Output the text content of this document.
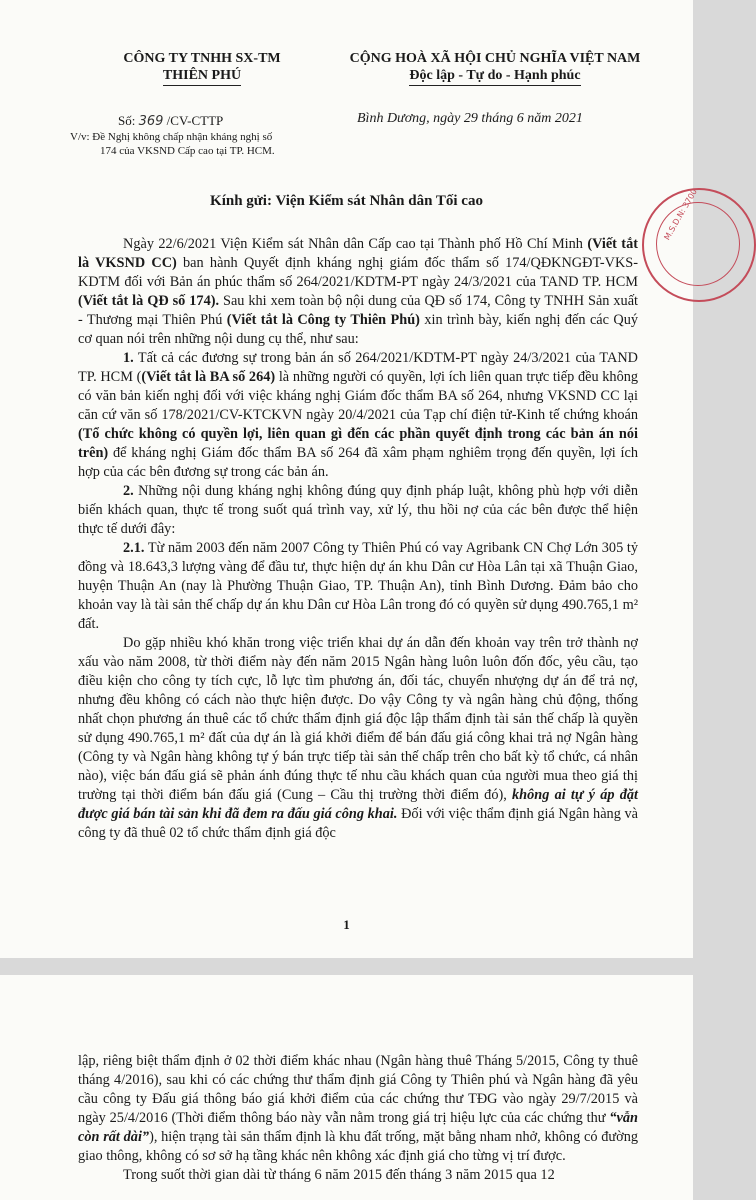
CÔNG TY TNHH SX-TM
THIÊN PHÚ
CỘNG HOÀ XÃ HỘI CHỦ NGHĨA VIỆT NAM
Độc lập - Tự do - Hạnh phúc
Số: 369 /CV-CTTP
V/v: Đề Nghị không chấp nhận kháng nghị số
174 của VKSND Cấp cao tại TP. HCM.
Bình Dương, ngày 29 tháng 6 năm 2021
Kính gửi: Viện Kiểm sát Nhân dân Tối cao	M.S.D.N: 3700

Ngày 22/6/2021 Viện Kiểm sát Nhân dân Cấp cao tại Thành phố Hồ Chí Minh (Viết tắt là VKSND CC) ban hành Quyết định kháng nghị giám đốc thẩm số 174/QĐKNGĐT-VKS-KDTM đối với Bản án phúc thẩm số 264/2021/KDTM-PT ngày 24/3/2021 của TAND TP. HCM (Viết tắt là QĐ số 174). Sau khi xem toàn bộ nội dung của QĐ số 174, Công ty TNHH Sản xuất - Thương mại Thiên Phú (Viết tắt là Công ty Thiên Phú) xin trình bày, kiến nghị đến các Quý cơ quan nói trên những nội dung cụ thể, như sau:

1. Tất cả các đương sự trong bản án số 264/2021/KDTM-PT ngày 24/3/2021 của TAND TP. HCM ((Viết tắt là BA số 264) là những người có quyền, lợi ích liên quan trực tiếp đều không có văn bản kiến nghị đối với việc kháng nghị Giám đốc thẩm BA số 264, nhưng VKSND CC lại căn cứ văn số 178/2021/CV-KTCKVN ngày 20/4/2021 của Tạp chí điện tử-Kinh tế chứng khoán (Tổ chức không có quyền lợi, liên quan gì đến các phần quyết định trong các bản án nói trên) để kháng nghị Giám đốc thẩm BA số 264 đã xâm phạm nghiêm trọng đến quyền, lợi ích hợp của các bên đương sự trong các bản án.

2. Những nội dung kháng nghị không đúng quy định pháp luật, không phù hợp với diễn biến khách quan, thực tế trong suốt quá trình vay, xử lý, thu hồi nợ của các bên được thể hiện thực tế dưới đây:

2.1. Từ năm 2003 đến năm 2007 Công ty Thiên Phú có vay Agribank CN Chợ Lớn 305 tỷ đồng và 18.643,3 lượng vàng để đầu tư, thực hiện dự án khu Dân cư Hòa Lân tại xã Thuận Giao, huyện Thuận An (nay là Phường Thuận Giao, TP. Thuận An), tỉnh Bình Dương. Đảm bảo cho khoản vay là tài sản thế chấp dự án khu Dân cư Hòa Lân trong đó có quyền sử dụng 490.765,1 m² đất.

Do gặp nhiều khó khăn trong việc triển khai dự án dẫn đến khoản vay trên trở thành nợ xấu vào năm 2008, từ thời điểm này đến năm 2015 Ngân hàng luôn luôn đốn đốc, yêu cầu, tạo điều kiện cho công ty tích cực, lỗ lực tìm phương án, đối tác, chuyển nhượng dự án để trả nợ, nhưng đều không có cách nào thực hiện được. Do vậy Công ty và ngân hàng chủ động, thống nhất chọn phương án thuê các tổ chức thẩm định giá độc lập thẩm định tài sản thế chấp là quyền sử dụng 490.765,1 m² đất của dự án là giá khởi điểm để bán đấu giá công khai trả nợ Ngân hàng (Công ty và Ngân hàng không tự ý bán trực tiếp tài sản thế chấp trên cho bất kỳ tổ chức, cá nhân nào), việc bán đấu giá sẽ phản ánh đúng thực tế nhu cầu khách quan của người mua theo giá thị trường tại thời điểm bán đấu giá (Cung – Cầu thị trường thời điểm đó), không ai tự ý áp đặt được giá bán tài sản khi đã đem ra đấu giá công khai. Đối với việc thẩm định giá Ngân hàng và công ty đã thuê 02 tổ chức thẩm định giá độc

1

lập, riêng biệt thẩm định ở 02 thời điểm khác nhau (Ngân hàng thuê Tháng 5/2015, Công ty thuê tháng 4/2016), sau khi có các chứng thư thẩm định giá Công ty Thiên phú và Ngân hàng đã yêu cầu công ty Đấu giá thông báo giá khởi điểm của các chứng thư TĐG vào ngày 29/7/2015 và ngày 25/4/2016 (Thời điểm thông báo này vẫn nằm trong giá trị hiệu lực của các chứng thư “vẫn còn rất dài”), hiện trạng tài sản thẩm định là khu đất trống, mặt bằng nham nhở, không có đường giao thông, không có sơ sở hạ tầng khác nên không xác định giá cho từng vị trí được.

Trong suốt thời gian dài từ tháng 6 năm 2015 đến tháng 3 năm 2015 qua 12
